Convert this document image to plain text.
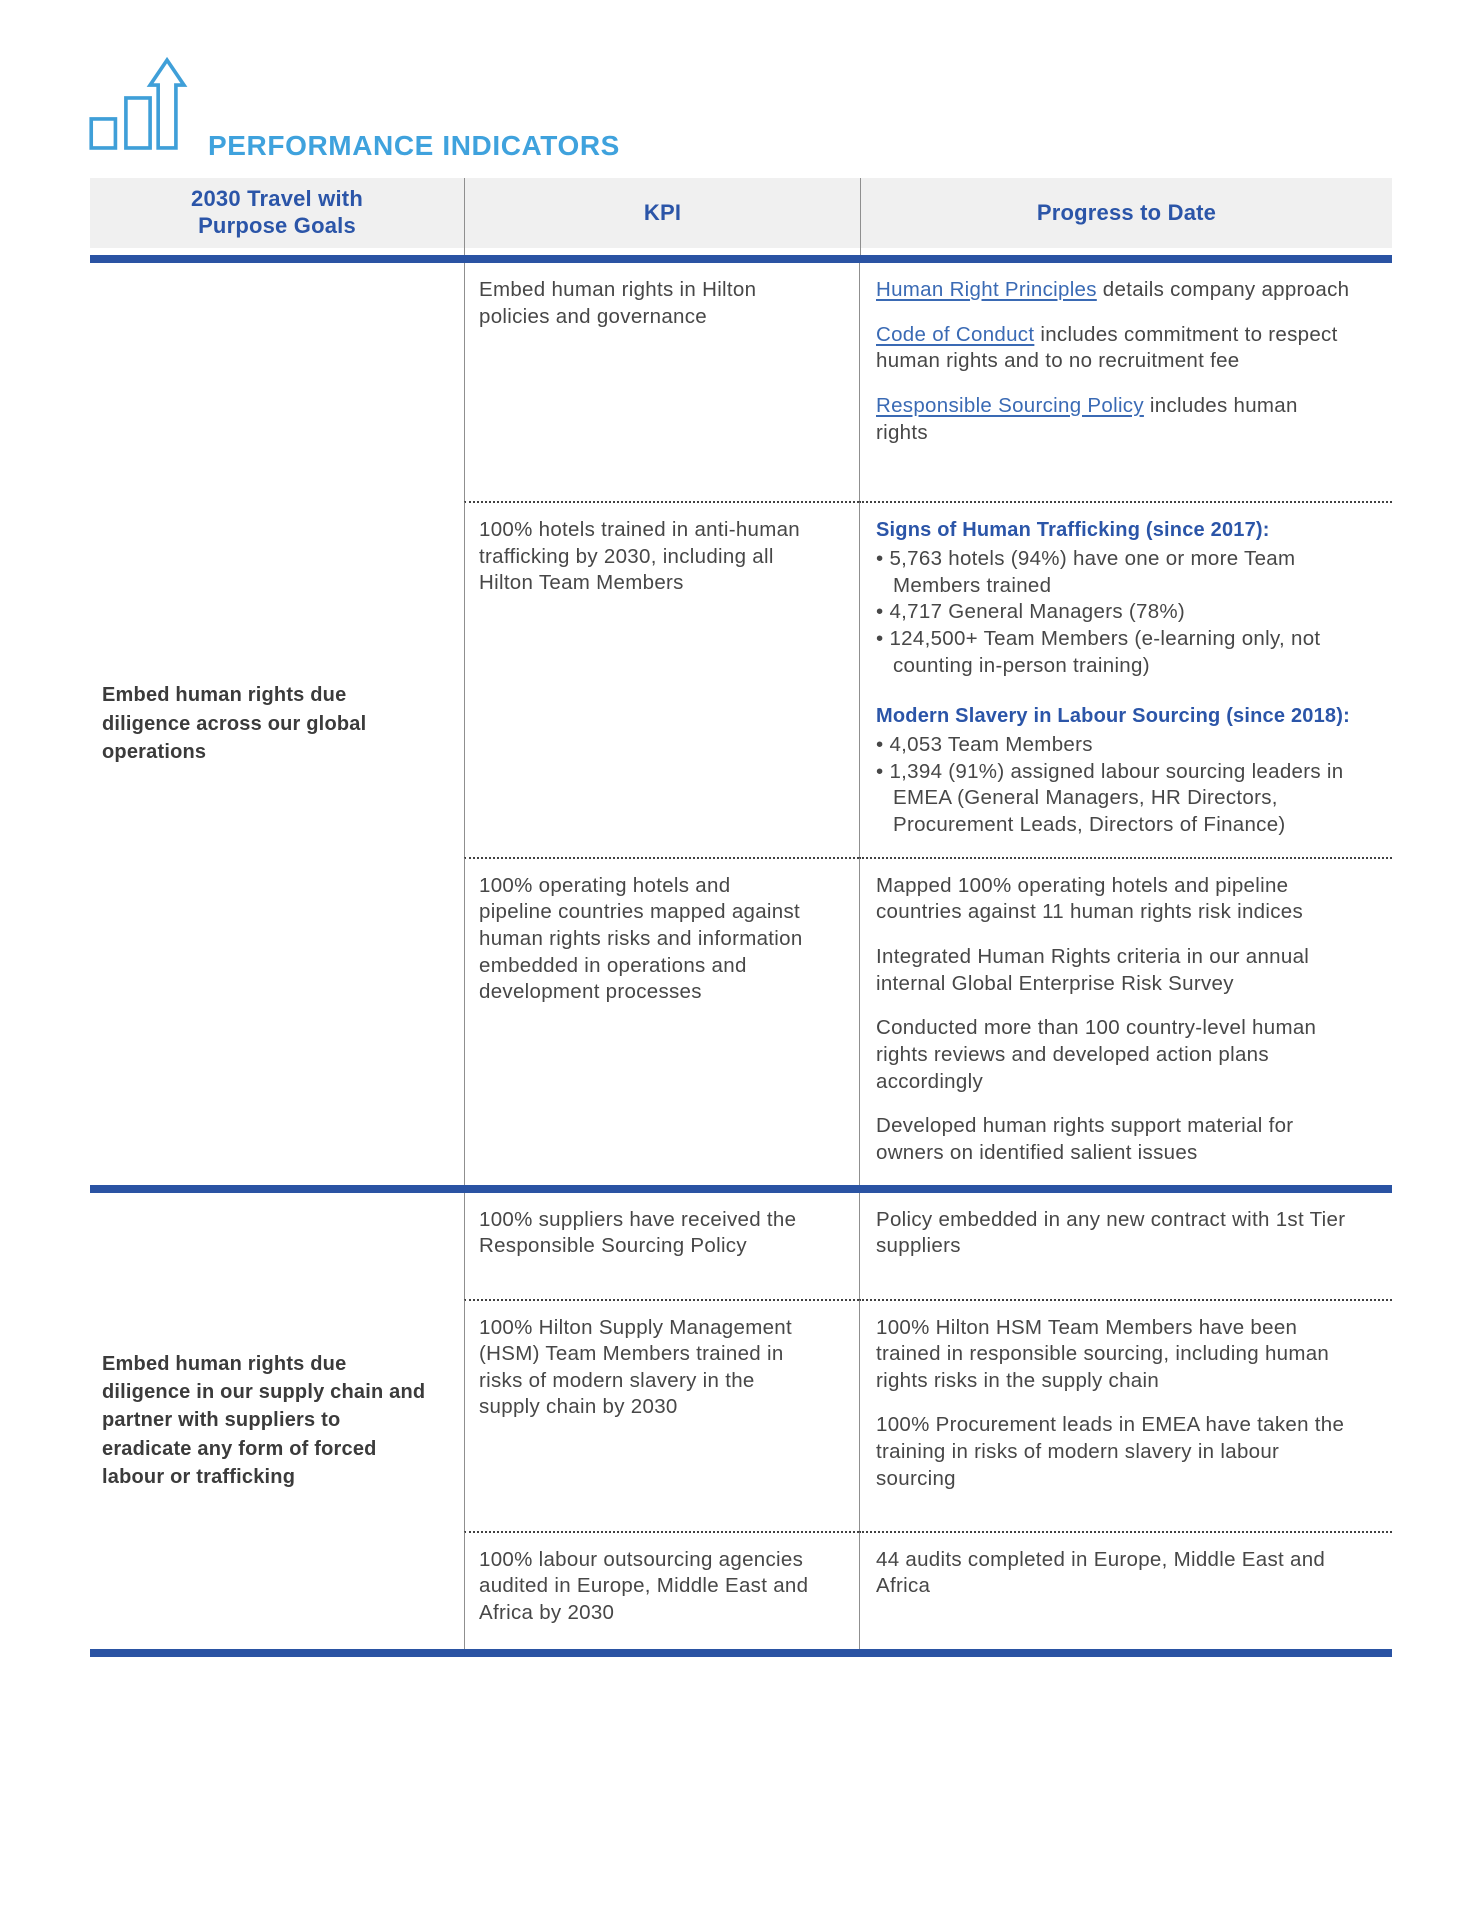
PERFORMANCE INDICATORS
2030 Travel with Purpose Goals
KPI	Progress to Date

Embed human rights due diligence across our global operations

Embed human rights in Hilton policies and governance

Human Right Principles details company approach

Code of Conduct includes commitment to respect human rights and to no recruitment fee

Responsible Sourcing Policy includes human rights

100% hotels trained in anti-human trafficking by 2030, including all Hilton Team Members

Signs of Human Trafficking (since 2017):

• 5,763 hotels (94%) have one or more Team Members trained
• 4,717 General Managers (78%)
• 124,500+ Team Members (e-learning only, not counting in-person training)

Modern Slavery in Labour Sourcing (since 2018):

• 4,053 Team Members
• 1,394 (91%) assigned labour sourcing leaders in EMEA (General Managers, HR Directors, Procurement Leads, Directors of Finance)

100% operating hotels and pipeline countries mapped against human rights risks and information embedded in operations and development processes

Mapped 100% operating hotels and pipeline countries against 11 human rights risk indices

Integrated Human Rights criteria in our annual internal Global Enterprise Risk Survey

Conducted more than 100 country-level human rights reviews and developed action plans accordingly

Developed human rights support material for owners on identified salient issues

Embed human rights due diligence in our supply chain and partner with suppliers to eradicate any form of forced labour or trafficking

100% suppliers have received the Responsible Sourcing Policy

Policy embedded in any new contract with 1st Tier suppliers

100% Hilton Supply Management (HSM) Team Members trained in risks of modern slavery in the supply chain by 2030

100% Hilton HSM Team Members have been trained in responsible sourcing, including human rights risks in the supply chain

100% Procurement leads in EMEA have taken the training in risks of modern slavery in labour sourcing

100% labour outsourcing agencies audited in Europe, Middle East and Africa by 2030

44 audits completed in Europe, Middle East and Africa
